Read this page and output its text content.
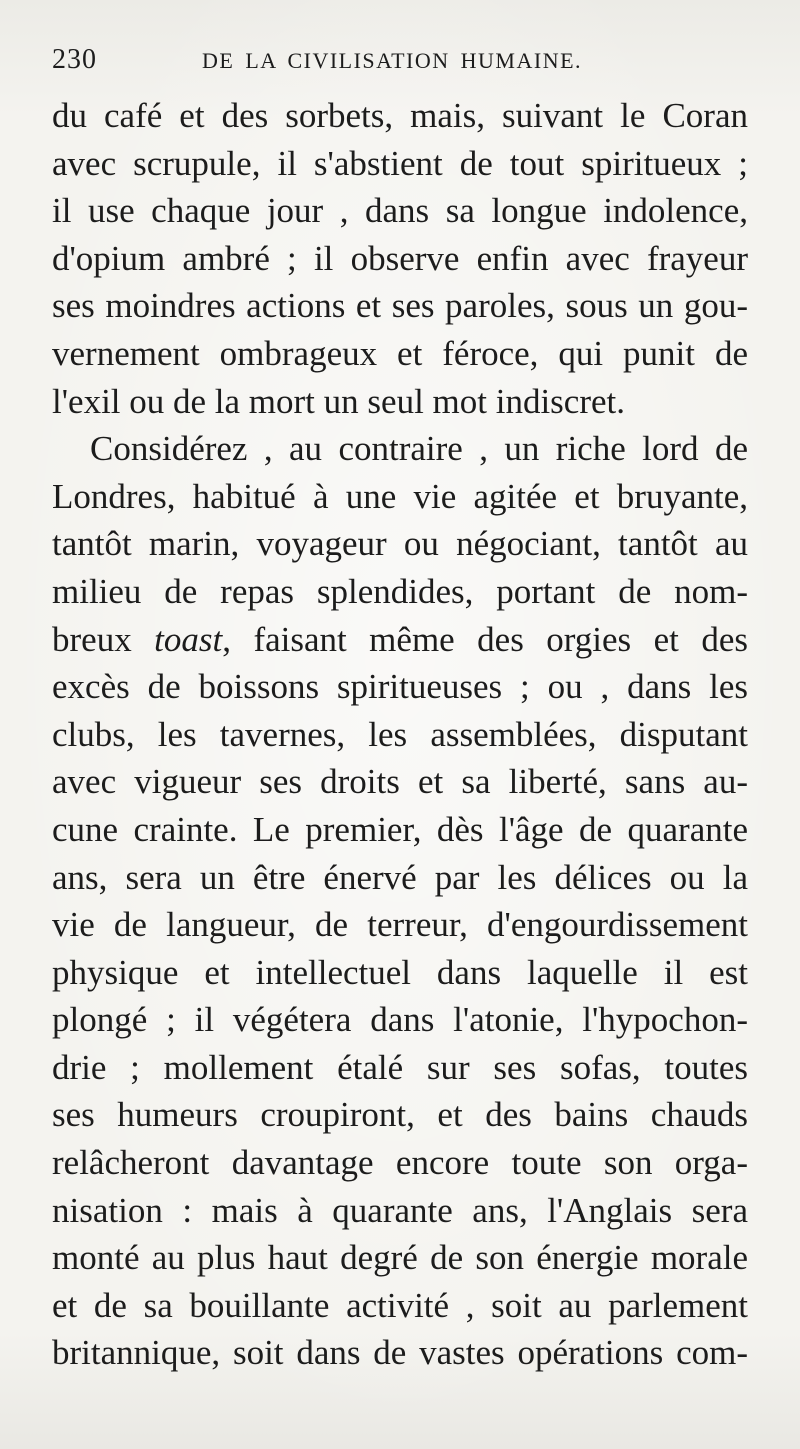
230	DE LA CIVILISATION HUMAINE.
du café et des sorbets, mais, suivant le Coran
avec scrupule, il s'abstient de tout spiritueux ;
il use chaque jour , dans sa longue indolence,
d'opium ambré ; il observe enfin avec frayeur
ses moindres actions et ses paroles, sous un gou-
vernement ombrageux et féroce, qui punit de
l'exil ou de la mort un seul mot indiscret.
Considérez , au contraire , un riche lord de
Londres, habitué à une vie agitée et bruyante,
tantôt marin, voyageur ou négociant, tantôt au
milieu de repas splendides, portant de nom-
breux toast, faisant même des orgies et des
excès de boissons spiritueuses ; ou , dans les
clubs, les tavernes, les assemblées, disputant
avec vigueur ses droits et sa liberté, sans au-
cune crainte. Le premier, dès l'âge de quarante
ans, sera un être énervé par les délices ou la
vie de langueur, de terreur, d'engourdissement
physique et intellectuel dans laquelle il est
plongé ; il végétera dans l'atonie, l'hypochon-
drie ; mollement étalé sur ses sofas, toutes
ses humeurs croupiront, et des bains chauds
relâcheront davantage encore toute son orga-
nisation : mais à quarante ans, l'Anglais sera
monté au plus haut degré de son énergie morale
et de sa bouillante activité , soit au parlement
britannique, soit dans de vastes opérations com-
